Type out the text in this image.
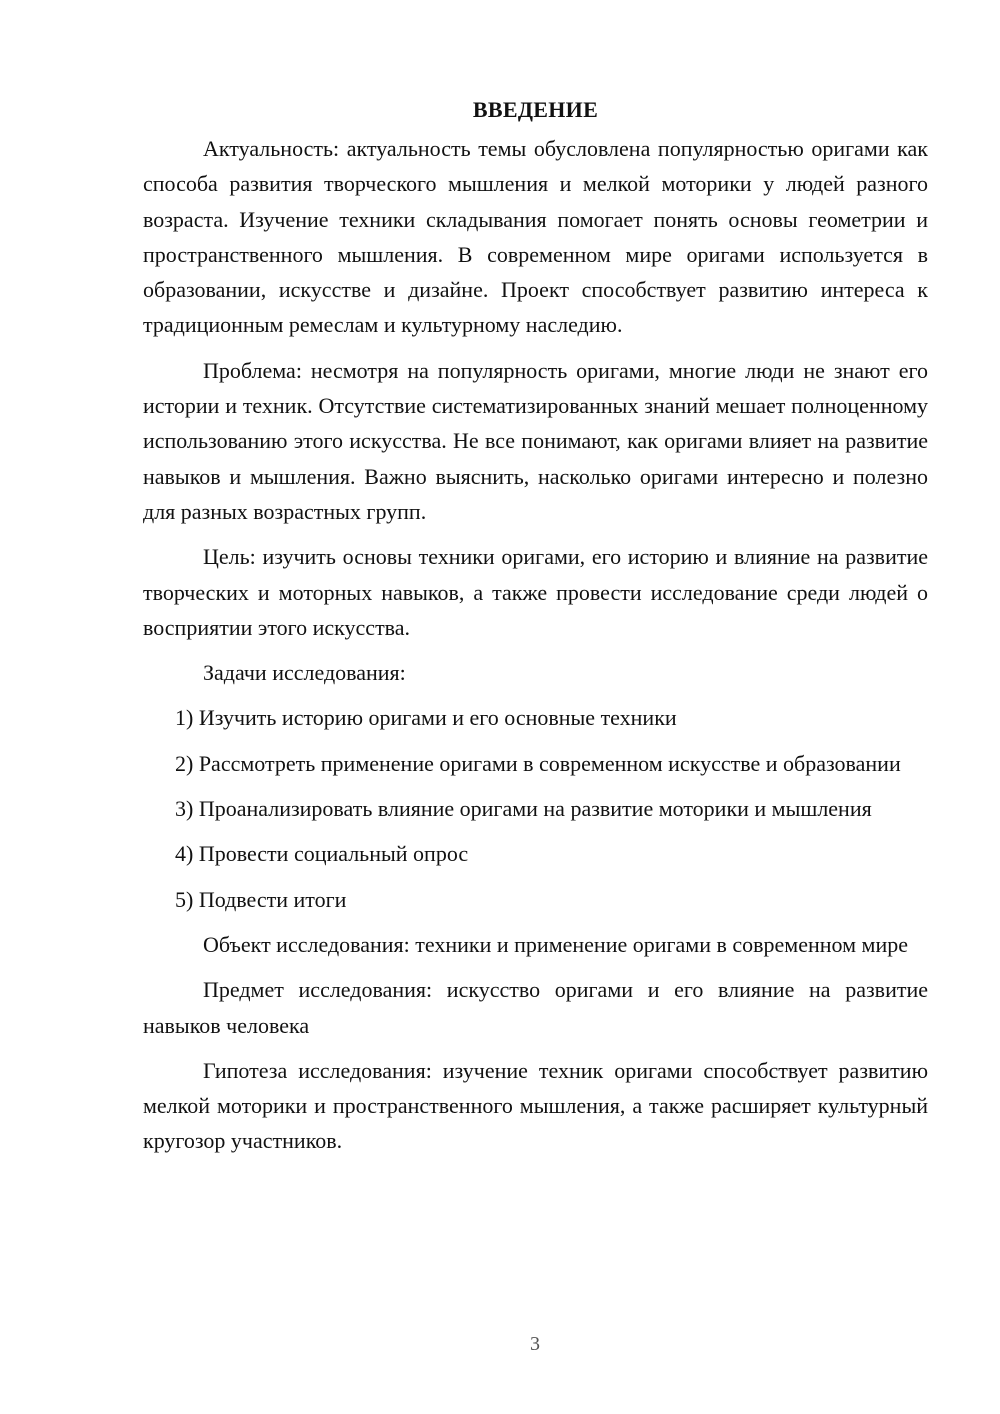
ВВЕДЕНИЕ

Актуальность: актуальность темы обусловлена популярностью оригами как способа развития творческого мышления и мелкой моторики у людей разного возраста. Изучение техники складывания помогает понять основы геометрии и пространственного мышления. В современном мире оригами используется в образовании, искусстве и дизайне. Проект способствует развитию интереса к традиционным ремеслам и культурному наследию.

Проблема: несмотря на популярность оригами, многие люди не знают его истории и техник. Отсутствие систематизированных знаний мешает полноценному использованию этого искусства. Не все понимают, как оригами влияет на развитие навыков и мышления. Важно выяснить, насколько оригами интересно и полезно для разных возрастных групп.

Цель: изучить основы техники оригами, его историю и влияние на развитие творческих и моторных навыков, а также провести исследование среди людей о восприятии этого искусства.

Задачи исследования:

1) Изучить историю оригами и его основные техники

2) Рассмотреть применение оригами в современном искусстве и образовании

3) Проанализировать влияние оригами на развитие моторики и мышления

4) Провести социальный опрос

5) Подвести итоги

Объект исследования: техники и применение оригами в современном мире

Предмет исследования: искусство оригами и его влияние на развитие навыков человека

Гипотеза исследования: изучение техник оригами способствует развитию мелкой моторики и пространственного мышления, а также расширяет культурный кругозор участников.

3
